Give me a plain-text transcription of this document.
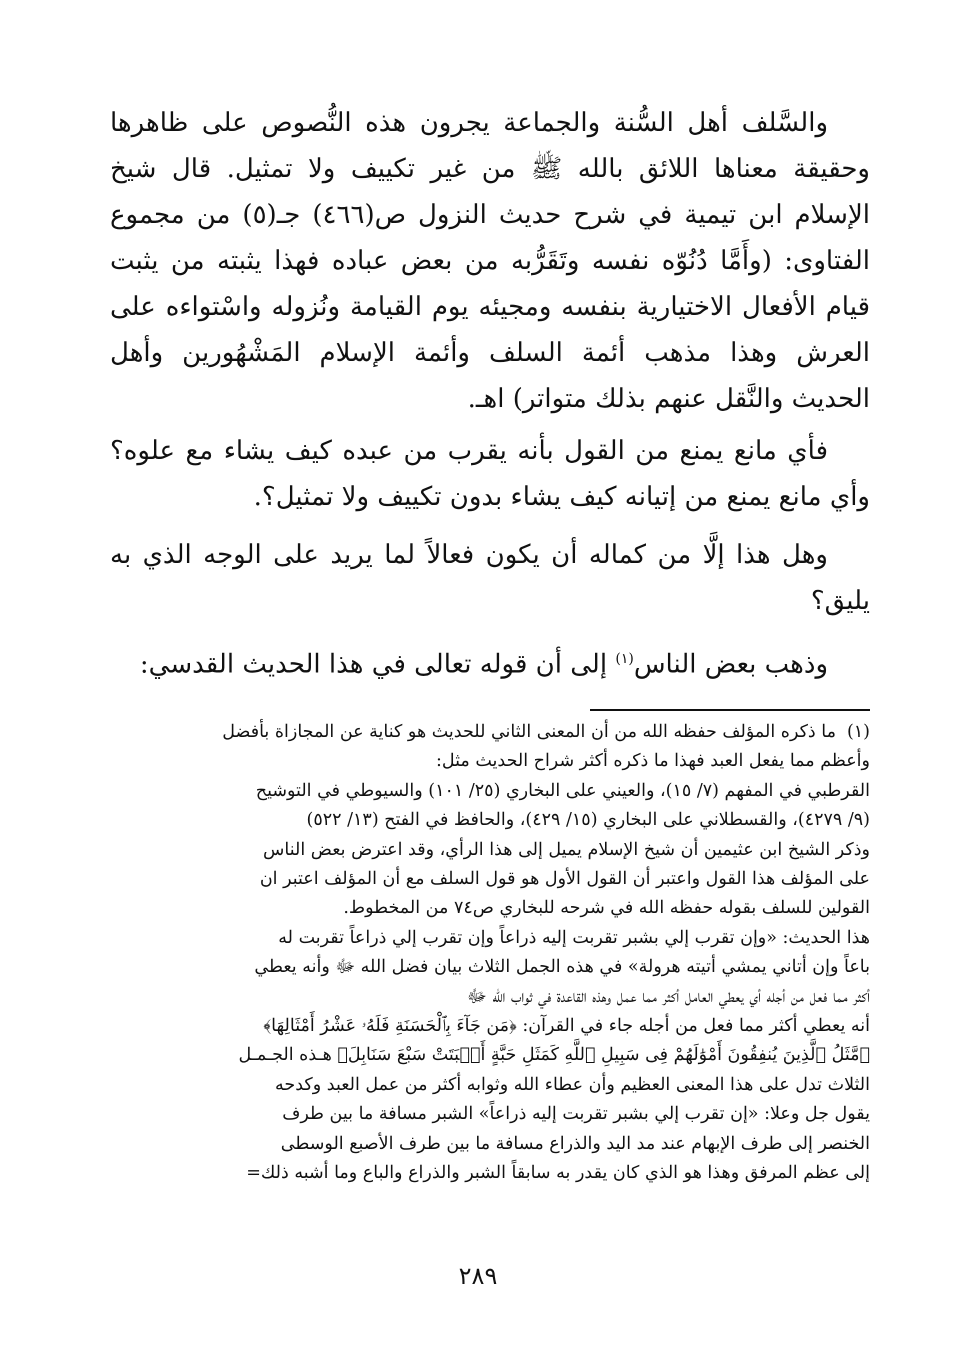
والسَّلف أهل السُّنة والجماعة يجرون هذه النُّصوص على ظاهرها وحقيقة معناها اللائق بالله ﷺ من غير تكييف ولا تمثيل. قال شيخ الإسلام ابن تيمية في شرح حديث النزول ص(٤٦٦) جـ(٥) من مجموع الفتاوى: (وأَمَّا دُنُوّه نفسه وتَقَرُّبه من بعض عباده فهذا يثبته من يثبت قيام الأفعال الاختيارية بنفسه ومجيئه يوم القيامة ونُزوله واسْتواءه على العرش وهذا مذهب أئمة السلف وأئمة الإسلام المَشْهُورين وأهل الحديث والنَّقل عنهم بذلك متواتر) اهـ.

فأي مانع يمنع من القول بأنه يقرب من عبده كيف يشاء مع علوه؟ وأي مانع يمنع من إتيانه كيف يشاء بدون تكييف ولا تمثيل؟.

وهل هذا إلَّا من كماله أن يكون فعالاً لما يريد على الوجه الذي به يليق؟

وذهب بعض الناس$^{(١)}$ إلى أن قوله تعالى في هذا الحديث القدسي:

(١)ما ذكره المؤلف حفظه الله من أن المعنى الثاني للحديث هو كناية عن المجازاة بأفضل
وأعظم مما يفعل العبد فهذا ما ذكره أكثر شراح الحديث مثل:
القرطبي في المفهم (٧/ ١٥)، والعيني على البخاري (٢٥/ ١٠١) والسيوطي في التوشيح
(٩/ ٤٢٧٩)، والقسطلاني على البخاري (١٥/ ٤٢٩)، والحافظ في الفتح (١٣/ ٥٢٢)
وذكر الشيخ ابن عثيمين أن شيخ الإسلام يميل إلى هذا الرأي، وقد اعترض بعض الناس
على المؤلف هذا القول واعتبر أن القول الأول هو قول السلف مع أن المؤلف اعتبر ان
القولين للسلف بقوله حفظه الله في شرحه للبخاري ص٧٤ من المخطوط.
هذا الحديث: «وإن تقرب إلي بشبر تقربت إليه ذراعاً وإن تقرب إلي ذراعاً تقربت له
باعاً وإن أتاني يمشي أتيته هرولة» في هذه الجمل الثلاث بيان فضل الله ﷻ وأنه يعطي
أكثر مما فعل من أجله أي يعطي العامل أكثر مما عمل وهذه القاعدة في ثواب الله ﷻ
أنه يعطي أكثر مما فعل من أجله جاء في القرآن: ﴿مَن جَآءَ بِٱلْحَسَنَةِ فَلَهُۥ عَشْرُ أَمْثَالِهَا﴾
﴿مَّثَلُ ٱلَّذِينَ يُنفِقُونَ أَمْوَٰلَهُمْ فِى سَبِيلِ ٱللَّهِ كَمَثَلِ حَبَّةٍ أَنۢبَتَتْ سَبْعَ سَنَابِلَ﴾ هـذه الجـمـل
الثلاث تدل على هذا المعنى العظيم وأن عطاء الله وثوابه أكثر من عمل العبد وكدحه
يقول جل وعلا: «إن تقرب إلي بشبر تقربت إليه ذراعاً» الشبر مسافة ما بين طرف
الخنصر إلى طرف الإبهام عند مد اليد والذراع مسافة ما بين طرف الأصبع الوسطى
إلى عظم المرفق وهذا هو الذي كان يقدر به سابقاً الشبر والذراع والباع وما أشبه ذلك=
٢٨٩
